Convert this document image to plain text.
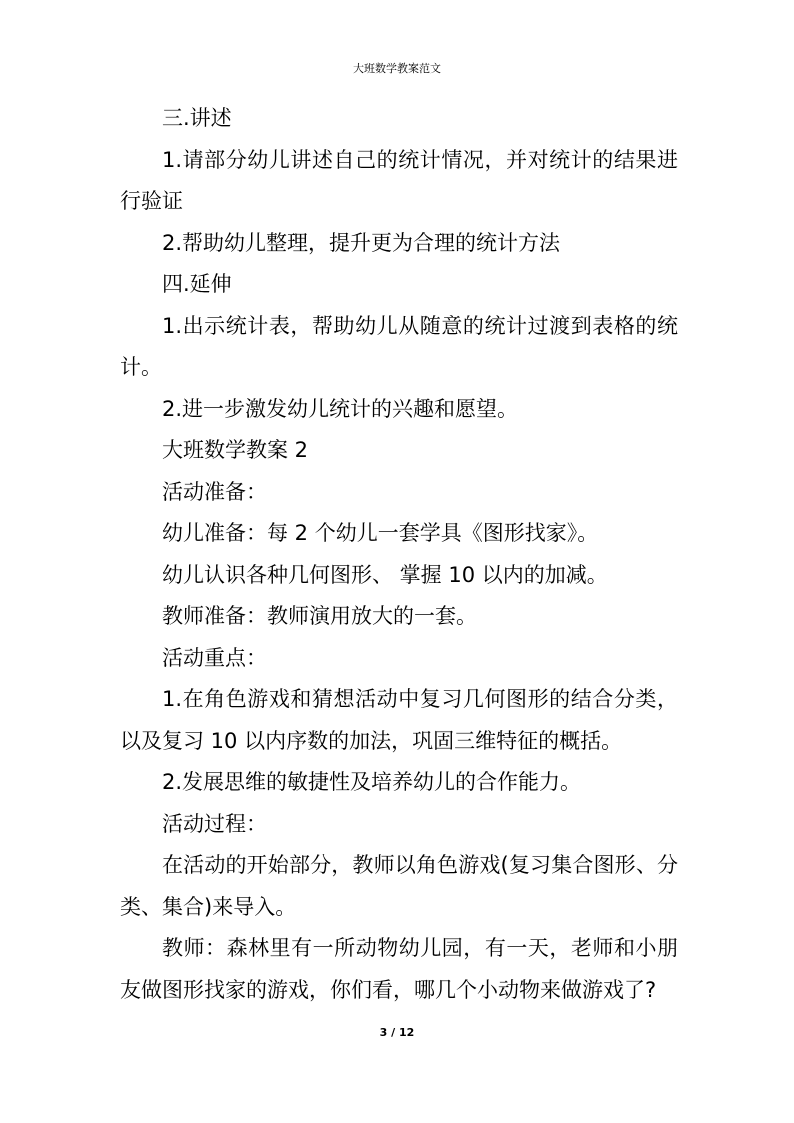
大班数学教案范文

三.讲述

1.请部分幼儿讲述自己的统计情况，并对统计的结果进行验证

2.帮助幼儿整理，提升更为合理的统计方法

四.延伸

1.出示统计表，帮助幼儿从随意的统计过渡到表格的统计。

2.进一步激发幼儿统计的兴趣和愿望。

大班数学教案 2

活动准备：

幼儿准备：每 2 个幼儿一套学具《图形找家》。

幼儿认识各种几何图形、 掌握 10 以内的加减。

教师准备：教师演用放大的一套。

活动重点：

1.在角色游戏和猜想活动中复习几何图形的结合分类，以及复习 10 以内序数的加法，巩固三维特征的概括。

2.发展思维的敏捷性及培养幼儿的合作能力。

活动过程：

在活动的开始部分，教师以角色游戏(复习集合图形、分类、集合)来导入。

教师：森林里有一所动物幼儿园，有一天，老师和小朋友做图形找家的游戏，你们看，哪几个小动物来做游戏了?

3 / 12
